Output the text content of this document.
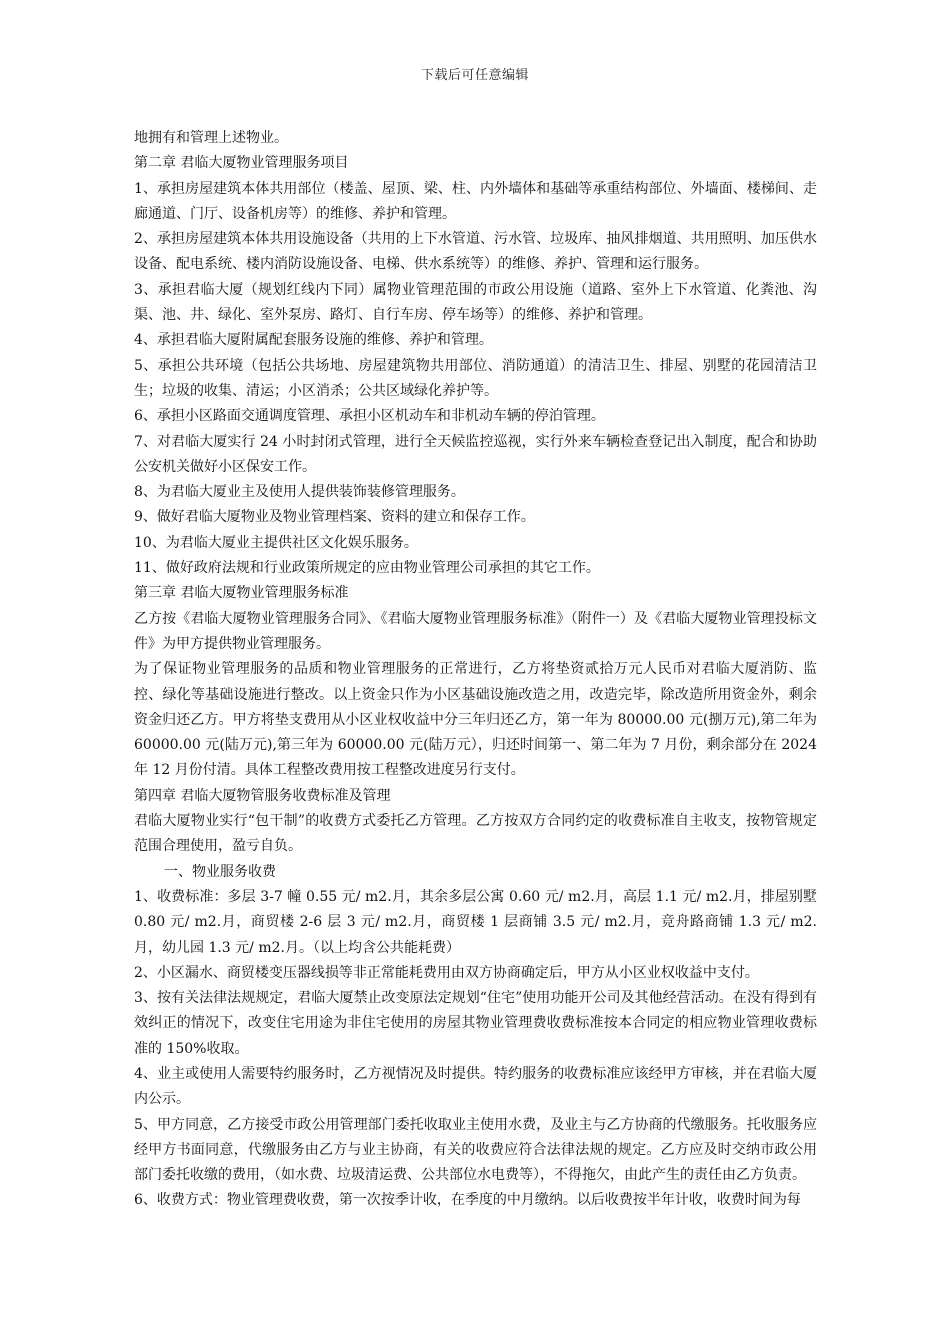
下载后可任意编辑

地拥有和管理上述物业。

第二章 君临大厦物业管理服务项目

1、承担房屋建筑本体共用部位（楼盖、屋顶、梁、柱、内外墙体和基础等承重结构部位、外墙面、楼梯间、走廊通道、门厅、设备机房等）的维修、养护和管理。

2、承担房屋建筑本体共用设施设备（共用的上下水管道、污水管、垃圾库、抽风排烟道、共用照明、加压供水设备、配电系统、楼内消防设施设备、电梯、供水系统等）的维修、养护、管理和运行服务。

3、承担君临大厦（规划红线内下同）属物业管理范围的市政公用设施（道路、室外上下水管道、化粪池、沟渠、池、井、绿化、室外泵房、路灯、自行车房、停车场等）的维修、养护和管理。

4、承担君临大厦附属配套服务设施的维修、养护和管理。

5、承担公共环境（包括公共场地、房屋建筑物共用部位、消防通道）的清洁卫生、排屋、别墅的花园清洁卫生；垃圾的收集、清运；小区消杀；公共区域绿化养护等。

6、承担小区路面交通调度管理、承担小区机动车和非机动车辆的停泊管理。

7、对君临大厦实行 24 小时封闭式管理，进行全天候监控巡视，实行外来车辆检查登记出入制度，配合和协助公安机关做好小区保安工作。

8、为君临大厦业主及使用人提供装饰装修管理服务。

9、做好君临大厦物业及物业管理档案、资料的建立和保存工作。

10、为君临大厦业主提供社区文化娱乐服务。

11、做好政府法规和行业政策所规定的应由物业管理公司承担的其它工作。

第三章 君临大厦物业管理服务标准

乙方按《君临大厦物业管理服务合同》、《君临大厦物业管理服务标准》（附件一）及《君临大厦物业管理投标文件》为甲方提供物业管理服务。

为了保证物业管理服务的品质和物业管理服务的正常进行，乙方将垫资贰拾万元人民币对君临大厦消防、监控、绿化等基础设施进行整改。以上资金只作为小区基础设施改造之用，改造完毕，除改造所用资金外，剩余资金归还乙方。甲方将垫支费用从小区业权收益中分三年归还乙方，第一年为 80000.00 元(捌万元),第二年为 60000.00 元(陆万元),第三年为 60000.00 元(陆万元），归还时间第一、第二年为 7 月份，剩余部分在 2024 年 12 月份付清。具体工程整改费用按工程整改进度另行支付。

第四章 君临大厦物管服务收费标准及管理

君临大厦物业实行“包干制”的收费方式委托乙方管理。乙方按双方合同约定的收费标准自主收支，按物管规定范围合理使用，盈亏自负。

一、物业服务收费

1、收费标准：多层 3-7 幢 0.55 元/ m2.月，其余多层公寓 0.60 元/ m2.月，高层 1.1 元/ m2.月，排屋别墅 0.80 元/ m2.月，商贸楼 2-6 层 3 元/ m2.月，商贸楼 1 层商铺 3.5 元/ m2.月，竞舟路商铺 1.3 元/ m2.月，幼儿园 1.3 元/ m2.月。（以上均含公共能耗费）

2、小区漏水、商贸楼变压器线损等非正常能耗费用由双方协商确定后，甲方从小区业权收益中支付。

3、按有关法律法规规定，君临大厦禁止改变原法定规划“住宅”使用功能开公司及其他经营活动。在没有得到有效纠正的情况下，改变住宅用途为非住宅使用的房屋其物业管理费收费标准按本合同定的相应物业管理收费标准的 150%收取。

4、业主或使用人需要特约服务时，乙方视情况及时提供。特约服务的收费标准应该经甲方审核，并在君临大厦内公示。

5、甲方同意，乙方接受市政公用管理部门委托收取业主使用水费，及业主与乙方协商的代缴服务。托收服务应经甲方书面同意，代缴服务由乙方与业主协商，有关的收费应符合法律法规的规定。乙方应及时交纳市政公用部门委托收缴的费用，（如水费、垃圾清运费、公共部位水电费等），不得拖欠，由此产生的责任由乙方负责。

6、收费方式：物业管理费收费，第一次按季计收，在季度的中月缴纳。以后收费按半年计收，收费时间为每
